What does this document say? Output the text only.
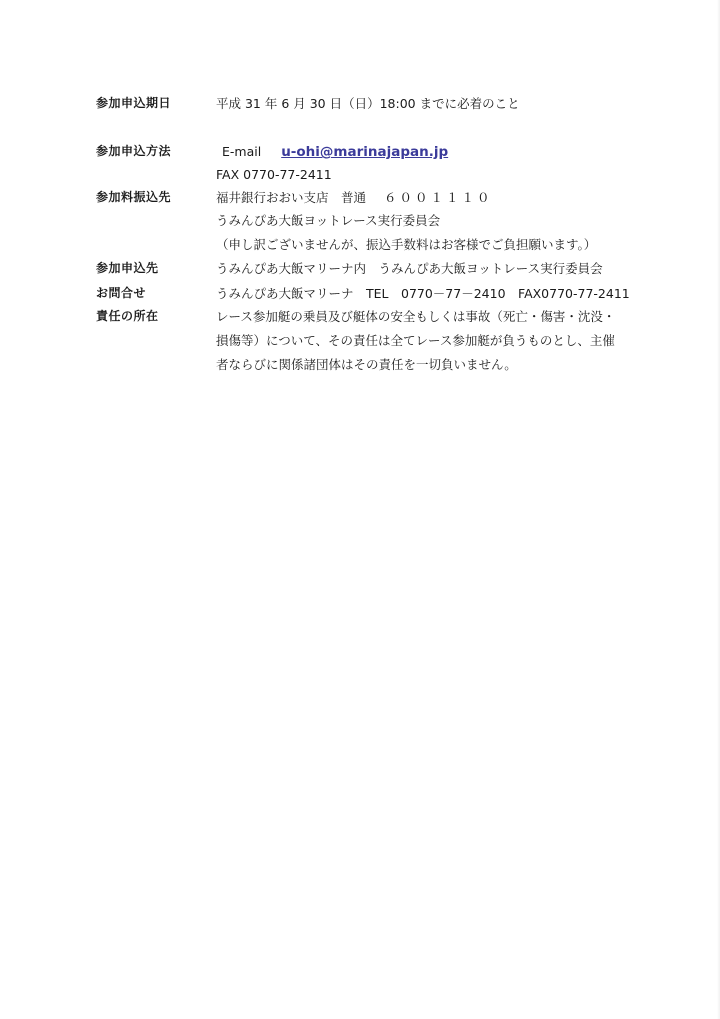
参加申込期日	平成 31 年 6 月 30 日（日）18:00 までに必着のこと
参加申込方法	E-mail u-ohi@marinajapan.jp
FAX 0770-77-2411
参加料振込先	福井銀行おおい支店　普通 ６００１１１０
うみんぴあ大飯ヨットレース実行委員会
（申し訳ございませんが、振込手数料はお客様でご負担願います。）
参加申込先	うみんぴあ大飯マリーナ内　うみんぴあ大飯ヨットレース実行委員会
お問合せ	うみんぴあ大飯マリーナ　TEL　0770－77－2410　FAX0770-77-2411
責任の所在	レース参加艇の乗員及び艇体の安全もしくは事故（死亡・傷害・沈没・
損傷等）について、その責任は全てレース参加艇が負うものとし、主催
者ならびに関係諸団体はその責任を一切負いません。
